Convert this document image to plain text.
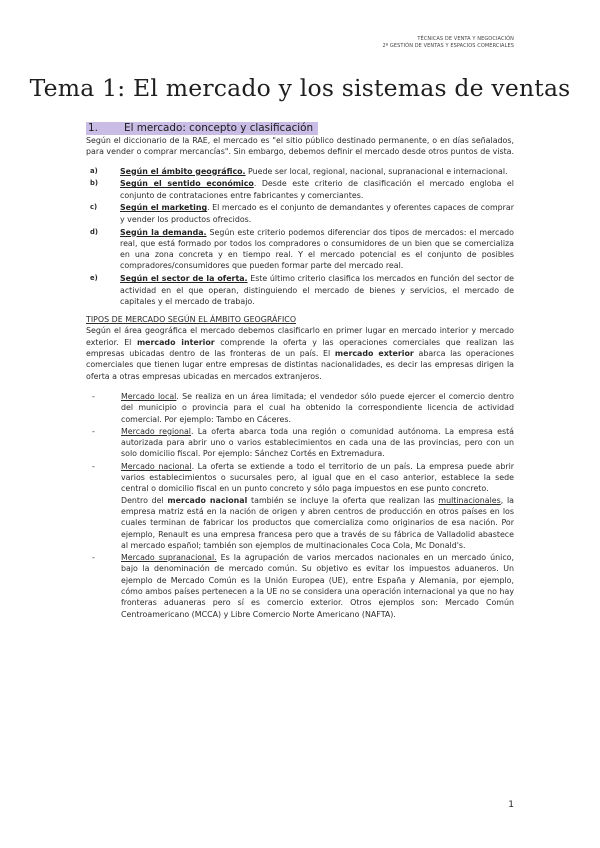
TÉCNICAS DE VENTA Y NEGOCIACIÓN
2º GESTIÓN DE VENTAS Y ESPACIOS COMERCIALES
Tema 1: El mercado y los sistemas de ventas
1.	El mercado: concepto y clasificación

Según el diccionario de la RAE, el mercado es "el sitio público destinado permanente, o en días señalados, para vender o comprar mercancías". Sin embargo, debemos definir el mercado desde otros puntos de vista.

a)	Según el ámbito geográfico. Puede ser local, regional, nacional, supranacional e internacional.
b)	Según el sentido económico. Desde este criterio de clasificación el mercado engloba el conjunto de contrataciones entre fabricantes y comerciantes.
c)	Según el marketing. El mercado es el conjunto de demandantes y oferentes capaces de comprar y vender los productos ofrecidos.
d)	Según la demanda. Según este criterio podemos diferenciar dos tipos de mercados: el mercado real, que está formado por todos los compradores o consumidores de un bien que se comercializa en una zona concreta y en tiempo real. Y el mercado potencial es el conjunto de posibles compradores/consumidores que pueden formar parte del mercado real.
e)	Según el sector de la oferta. Este último criterio clasifica los mercados en función del sector de actividad en el que operan, distinguiendo el mercado de bienes y servicios, el mercado de capitales y el mercado de trabajo.
TIPOS DE MERCADO SEGÚN EL ÁMBITO GEOGRÁFICO

Según el área geográfica el mercado debemos clasificarlo en primer lugar en mercado interior y mercado exterior. El mercado interior comprende la oferta y las operaciones comerciales que realizan las empresas ubicadas dentro de las fronteras de un país. El mercado exterior abarca las operaciones comerciales que tienen lugar entre empresas de distintas nacionalidades, es decir las empresas dirigen la oferta a otras empresas ubicadas en mercados extranjeros.

-	Mercado local. Se realiza en un área limitada; el vendedor sólo puede ejercer el comercio dentro del municipio o provincia para el cual ha obtenido la correspondiente licencia de actividad comercial. Por ejemplo: Tambo en Cáceres.
-	Mercado regional. La oferta abarca toda una región o comunidad autónoma. La empresa está autorizada para abrir uno o varios establecimientos en cada una de las provincias, pero con un solo domicilio fiscal. Por ejemplo: Sánchez Cortés en Extremadura.
-	Mercado nacional. La oferta se extiende a todo el territorio de un país. La empresa puede abrir varios establecimientos o sucursales pero, al igual que en el caso anterior, establece la sede central o domicilio fiscal en un punto concreto y sólo paga impuestos en ese punto concreto.
Dentro del mercado nacional también se incluye la oferta que realizan las multinacionales, la empresa matriz está en la nación de origen y abren centros de producción en otros países en los cuales terminan de fabricar los productos que comercializa como originarios de esa nación. Por ejemplo, Renault es una empresa francesa pero que a través de su fábrica de Valladolid abastece al mercado español; también son ejemplos de multinacionales Coca Cola, Mc Donald's.
-	Mercado supranacional. Es la agrupación de varios mercados nacionales en un mercado único, bajo la denominación de mercado común. Su objetivo es evitar los impuestos aduaneros. Un ejemplo de Mercado Común es la Unión Europea (UE), entre España y Alemania, por ejemplo, cómo ambos países pertenecen a la UE no se considera una operación internacional ya que no hay fronteras aduaneras pero sí es comercio exterior. Otros ejemplos son: Mercado Común Centroamericano (MCCA) y Libre Comercio Norte Americano (NAFTA).
1
